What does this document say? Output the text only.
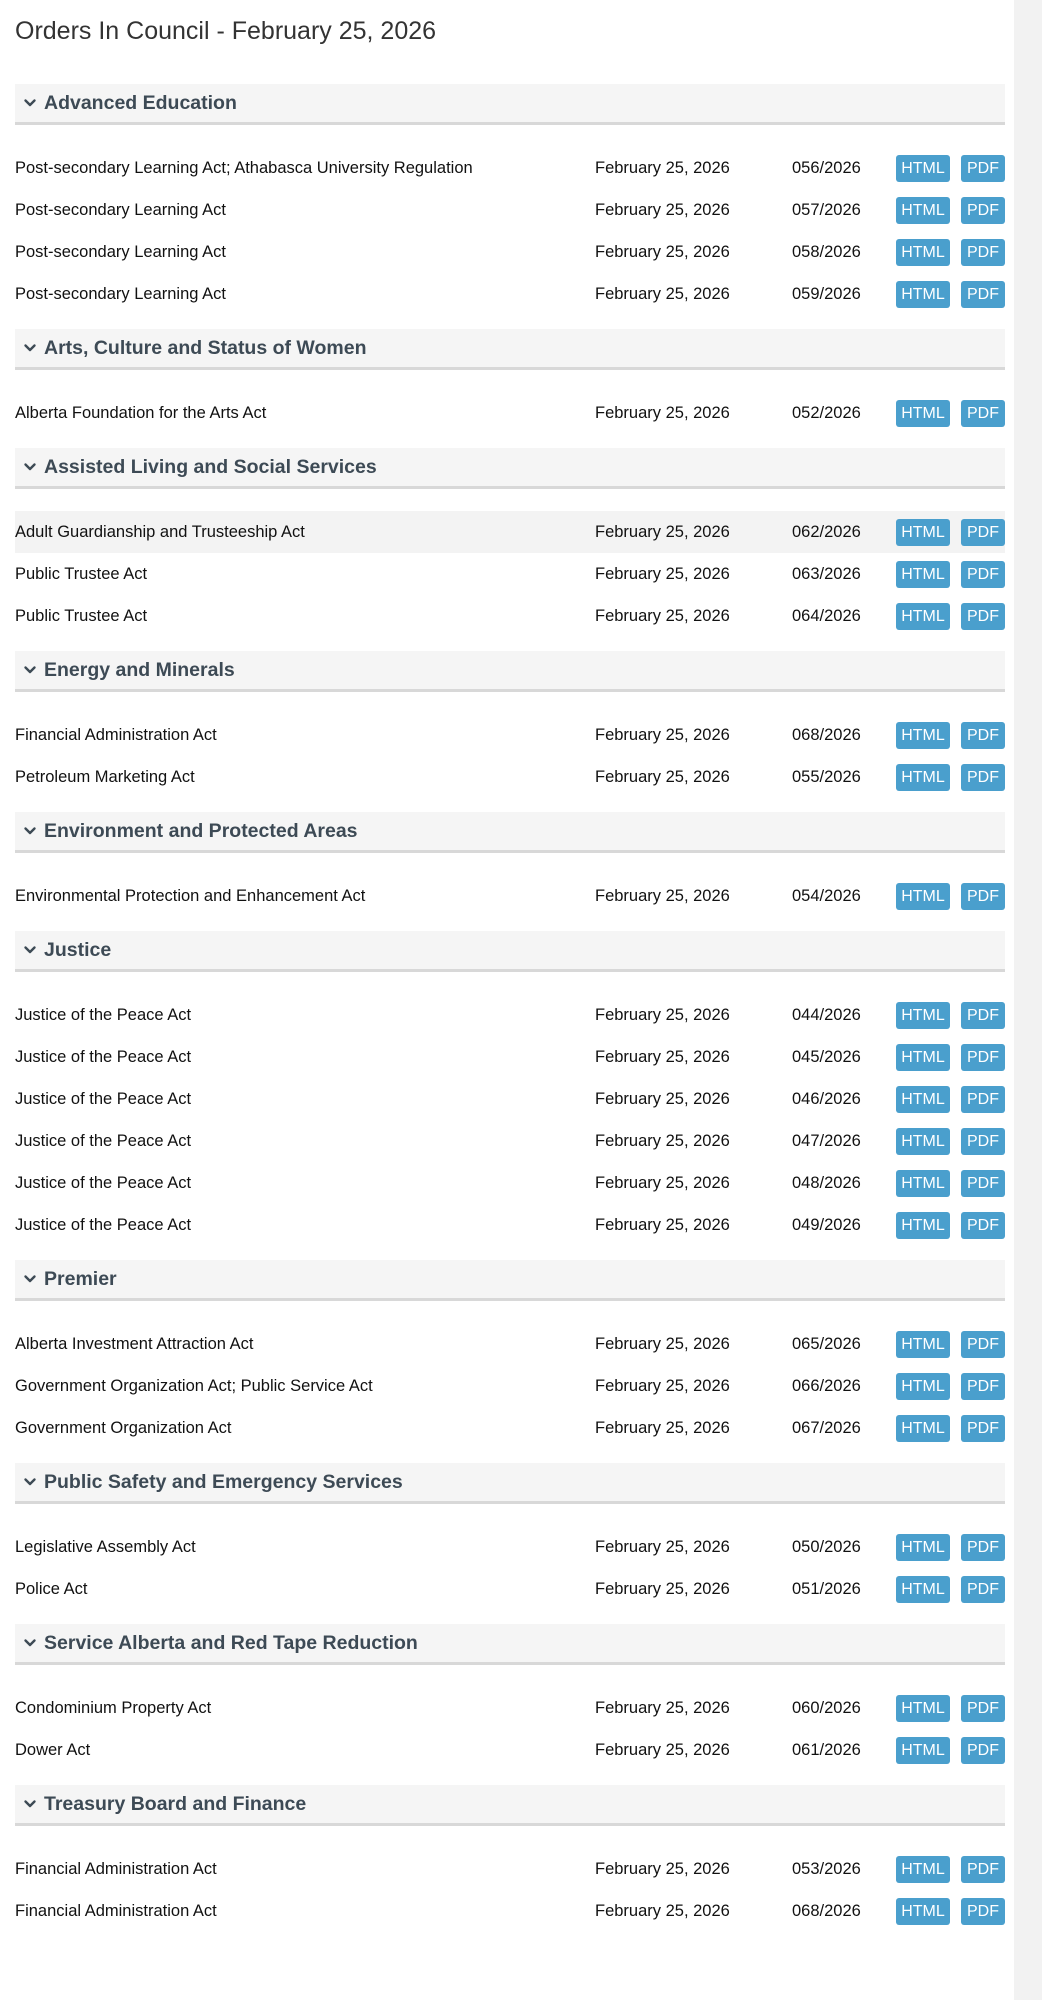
Orders In Council - February 25, 2026
Advanced Education
Post-secondary Learning Act; Athabasca University Regulation	February 25, 2026	056/2026	HTML	PDF
Post-secondary Learning Act	February 25, 2026	057/2026	HTML	PDF
Post-secondary Learning Act	February 25, 2026	058/2026	HTML	PDF
Post-secondary Learning Act	February 25, 2026	059/2026	HTML	PDF
Arts, Culture and Status of Women
Alberta Foundation for the Arts Act	February 25, 2026	052/2026	HTML	PDF
Assisted Living and Social Services
Adult Guardianship and Trusteeship Act	February 25, 2026	062/2026	HTML	PDF
Public Trustee Act	February 25, 2026	063/2026	HTML	PDF
Public Trustee Act	February 25, 2026	064/2026	HTML	PDF
Energy and Minerals
Financial Administration Act	February 25, 2026	068/2026	HTML	PDF
Petroleum Marketing Act	February 25, 2026	055/2026	HTML	PDF
Environment and Protected Areas
Environmental Protection and Enhancement Act	February 25, 2026	054/2026	HTML	PDF
Justice
Justice of the Peace Act	February 25, 2026	044/2026	HTML	PDF
Justice of the Peace Act	February 25, 2026	045/2026	HTML	PDF
Justice of the Peace Act	February 25, 2026	046/2026	HTML	PDF
Justice of the Peace Act	February 25, 2026	047/2026	HTML	PDF
Justice of the Peace Act	February 25, 2026	048/2026	HTML	PDF
Justice of the Peace Act	February 25, 2026	049/2026	HTML	PDF
Premier
Alberta Investment Attraction Act	February 25, 2026	065/2026	HTML	PDF
Government Organization Act; Public Service Act	February 25, 2026	066/2026	HTML	PDF
Government Organization Act	February 25, 2026	067/2026	HTML	PDF
Public Safety and Emergency Services
Legislative Assembly Act	February 25, 2026	050/2026	HTML	PDF
Police Act	February 25, 2026	051/2026	HTML	PDF
Service Alberta and Red Tape Reduction
Condominium Property Act	February 25, 2026	060/2026	HTML	PDF
Dower Act	February 25, 2026	061/2026	HTML	PDF
Treasury Board and Finance
Financial Administration Act	February 25, 2026	053/2026	HTML	PDF
Financial Administration Act	February 25, 2026	068/2026	HTML	PDF
